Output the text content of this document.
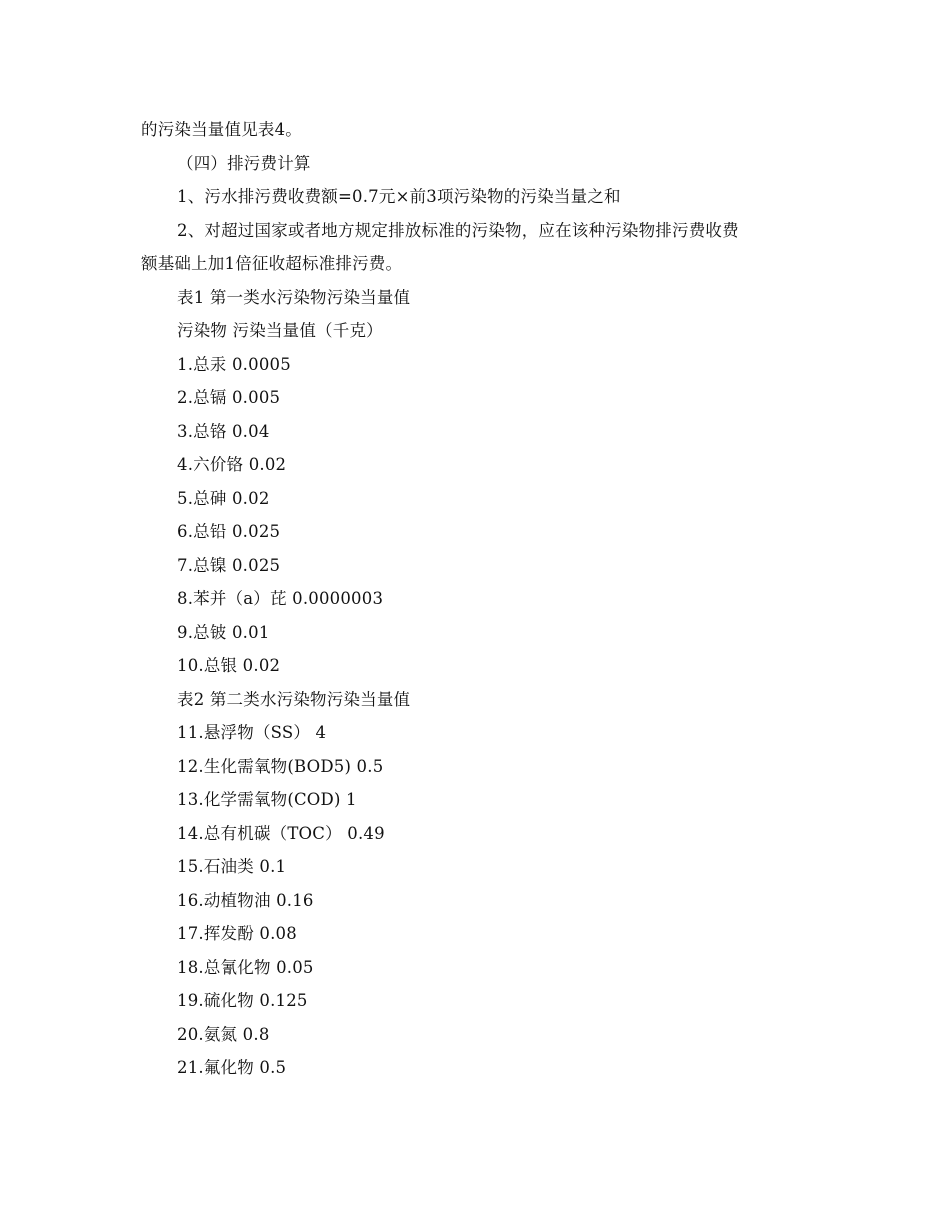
的污染当量值见表4。
（四）排污费计算
1、污水排污费收费额=0.7元×前3项污染物的污染当量之和
2、对超过国家或者地方规定排放标准的污染物，应在该种污染物排污费收费
额基础上加1倍征收超标准排污费。
表1 第一类水污染物污染当量值
污染物 污染当量值（千克）
1.总汞 0.0005
2.总镉 0.005
3.总铬 0.04
4.六价铬 0.02
5.总砷 0.02
6.总铅 0.025
7.总镍 0.025
8.苯并（a）芘 0.0000003
9.总铍 0.01
10.总银 0.02
表2 第二类水污染物污染当量值
11.悬浮物（SS） 4
12.生化需氧物(BOD5) 0.5
13.化学需氧物(COD) 1
14.总有机碳（TOC） 0.49
15.石油类 0.1
16.动植物油 0.16
17.挥发酚 0.08
18.总氰化物 0.05
19.硫化物 0.125
20.氨氮 0.8
21.氟化物 0.5
